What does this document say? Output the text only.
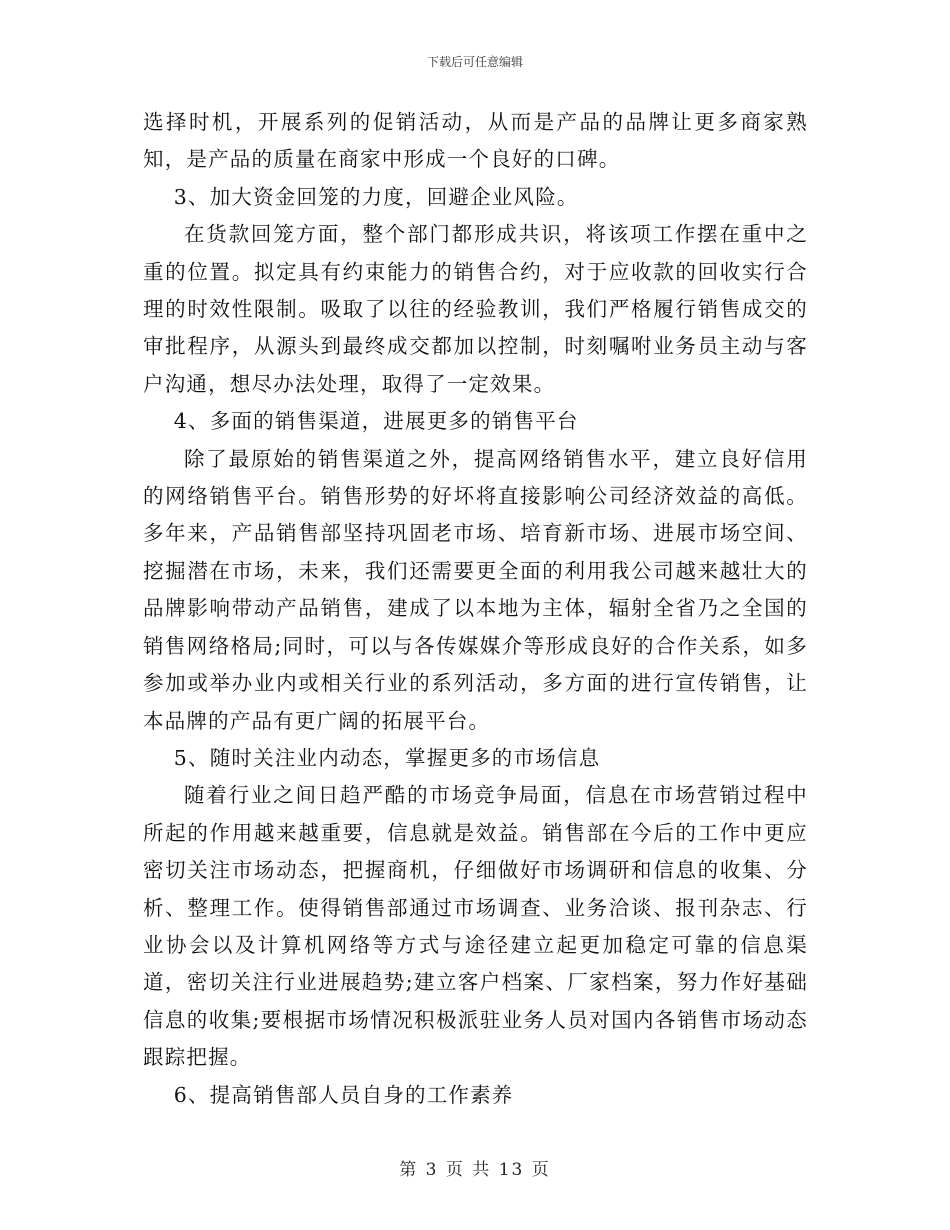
下载后可任意编辑

选择时机，开展系列的促销活动，从而是产品的品牌让更多商家熟知，是产品的质量在商家中形成一个良好的口碑。

3、加大资金回笼的力度，回避企业风险。

在货款回笼方面，整个部门都形成共识，将该项工作摆在重中之重的位置。拟定具有约束能力的销售合约，对于应收款的回收实行合理的时效性限制。吸取了以往的经验教训，我们严格履行销售成交的审批程序，从源头到最终成交都加以控制，时刻嘱咐业务员主动与客户沟通，想尽办法处理，取得了一定效果。

4、多面的销售渠道，进展更多的销售平台

除了最原始的销售渠道之外，提高网络销售水平，建立良好信用的网络销售平台。销售形势的好坏将直接影响公司经济效益的高低。多年来，产品销售部坚持巩固老市场、培育新市场、进展市场空间、挖掘潜在市场，未来，我们还需要更全面的利用我公司越来越壮大的品牌影响带动产品销售，建成了以本地为主体，辐射全省乃之全国的销售网络格局;同时，可以与各传媒媒介等形成良好的合作关系，如多参加或举办业内或相关行业的系列活动，多方面的进行宣传销售，让本品牌的产品有更广阔的拓展平台。

5、随时关注业内动态，掌握更多的市场信息

随着行业之间日趋严酷的市场竞争局面，信息在市场营销过程中所起的作用越来越重要，信息就是效益。销售部在今后的工作中更应密切关注市场动态，把握商机，仔细做好市场调研和信息的收集、分析、整理工作。使得销售部通过市场调查、业务洽谈、报刊杂志、行业协会以及计算机网络等方式与途径建立起更加稳定可靠的信息渠道，密切关注行业进展趋势;建立客户档案、厂家档案，努力作好基础信息的收集;要根据市场情况积极派驻业务人员对国内各销售市场动态跟踪把握。

6、提高销售部人员自身的工作素养

第 3 页 共 13 页
